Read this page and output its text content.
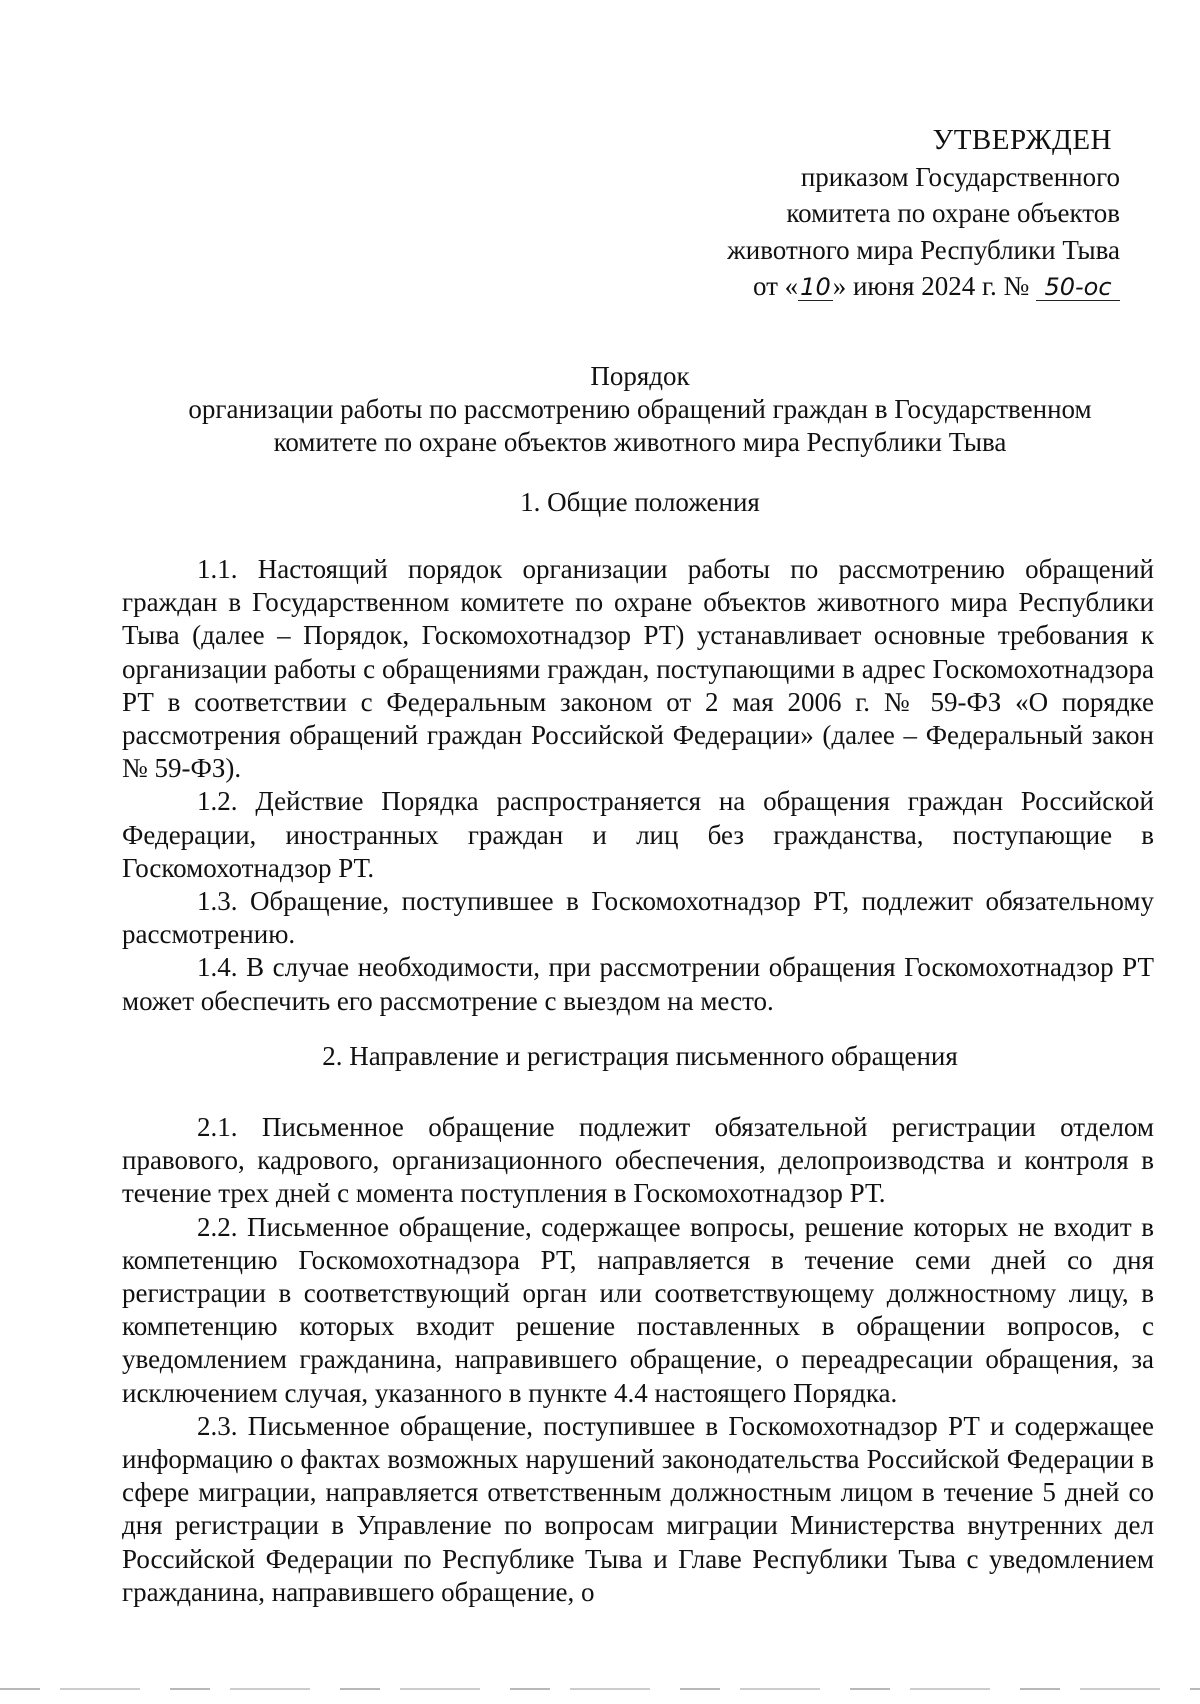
УТВЕРЖДЕН
приказом Государственного
комитета по охране объектов
животного мира Республики Тыва
от «10» июня 2024 г. № 50-ос
Порядок
организации работы по рассмотрению обращений граждан в Государственном
комитете по охране объектов животного мира Республики Тыва
1. Общие положения

1.1. Настоящий порядок организации работы по рассмотрению обращений граждан в Государственном комитете по охране объектов животного мира Республики Тыва (далее – Порядок, Госкомохотнадзор РТ) устанавливает основные требования к организации работы с обращениями граждан, поступающими в адрес Госкомохотнадзора РТ в соответствии с Федеральным законом от 2 мая 2006 г. № 59-ФЗ «О порядке рассмотрения обращений граждан Российской Федерации» (далее – Федеральный закон № 59-ФЗ).

1.2. Действие Порядка распространяется на обращения граждан Российской Федерации, иностранных граждан и лиц без гражданства, поступающие в Госкомохотнадзор РТ.

1.3. Обращение, поступившее в Госкомохотнадзор РТ, подлежит обязательному рассмотрению.

1.4. В случае необходимости, при рассмотрении обращения Госкомохотнадзор РТ может обеспечить его рассмотрение с выездом на место.

2. Направление и регистрация письменного обращения

2.1. Письменное обращение подлежит обязательной регистрации отделом правового, кадрового, организационного обеспечения, делопроизводства и контроля в течение трех дней с момента поступления в Госкомохотнадзор РТ.

2.2. Письменное обращение, содержащее вопросы, решение которых не входит в компетенцию Госкомохотнадзора РТ, направляется в течение семи дней со дня регистрации в соответствующий орган или соответствующему должностному лицу, в компетенцию которых входит решение поставленных в обращении вопросов, с уведомлением гражданина, направившего обращение, о переадресации обращения, за исключением случая, указанного в пункте 4.4 настоящего Порядка.

2.3. Письменное обращение, поступившее в Госкомохотнадзор РТ и содержащее информацию о фактах возможных нарушений законодательства Российской Федерации в сфере миграции, направляется ответственным должностным лицом в течение 5 дней со дня регистрации в Управление по вопросам миграции Министерства внутренних дел Российской Федерации по Республике Тыва и Главе Республики Тыва с уведомлением гражданина, направившего обращение, о
